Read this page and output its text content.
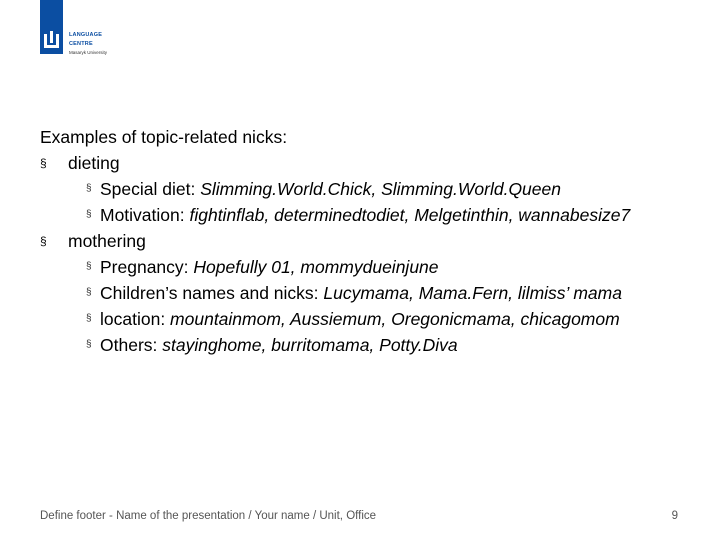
LANGUAGE
CENTRE
Masaryk University
Examples of topic-related nicks:
§ dieting
§ Special diet: Slimming.World.Chick, Slimming.World.Queen
§ Motivation: fightinflab, determinedtodiet, Melgetinthin, wannabesize7
§ mothering
§ Pregnancy: Hopefully 01, mommydueinjune
§ Children’s names and nicks: Lucymama, Mama.Fern, lilmiss’ mama
§ location: mountainmom, Aussiemum, Oregonicmama, chicagomom
§ Others: stayinghome, burritomama, Potty.Diva
Define footer - Name of the presentation / Your name / Unit, Office	9
